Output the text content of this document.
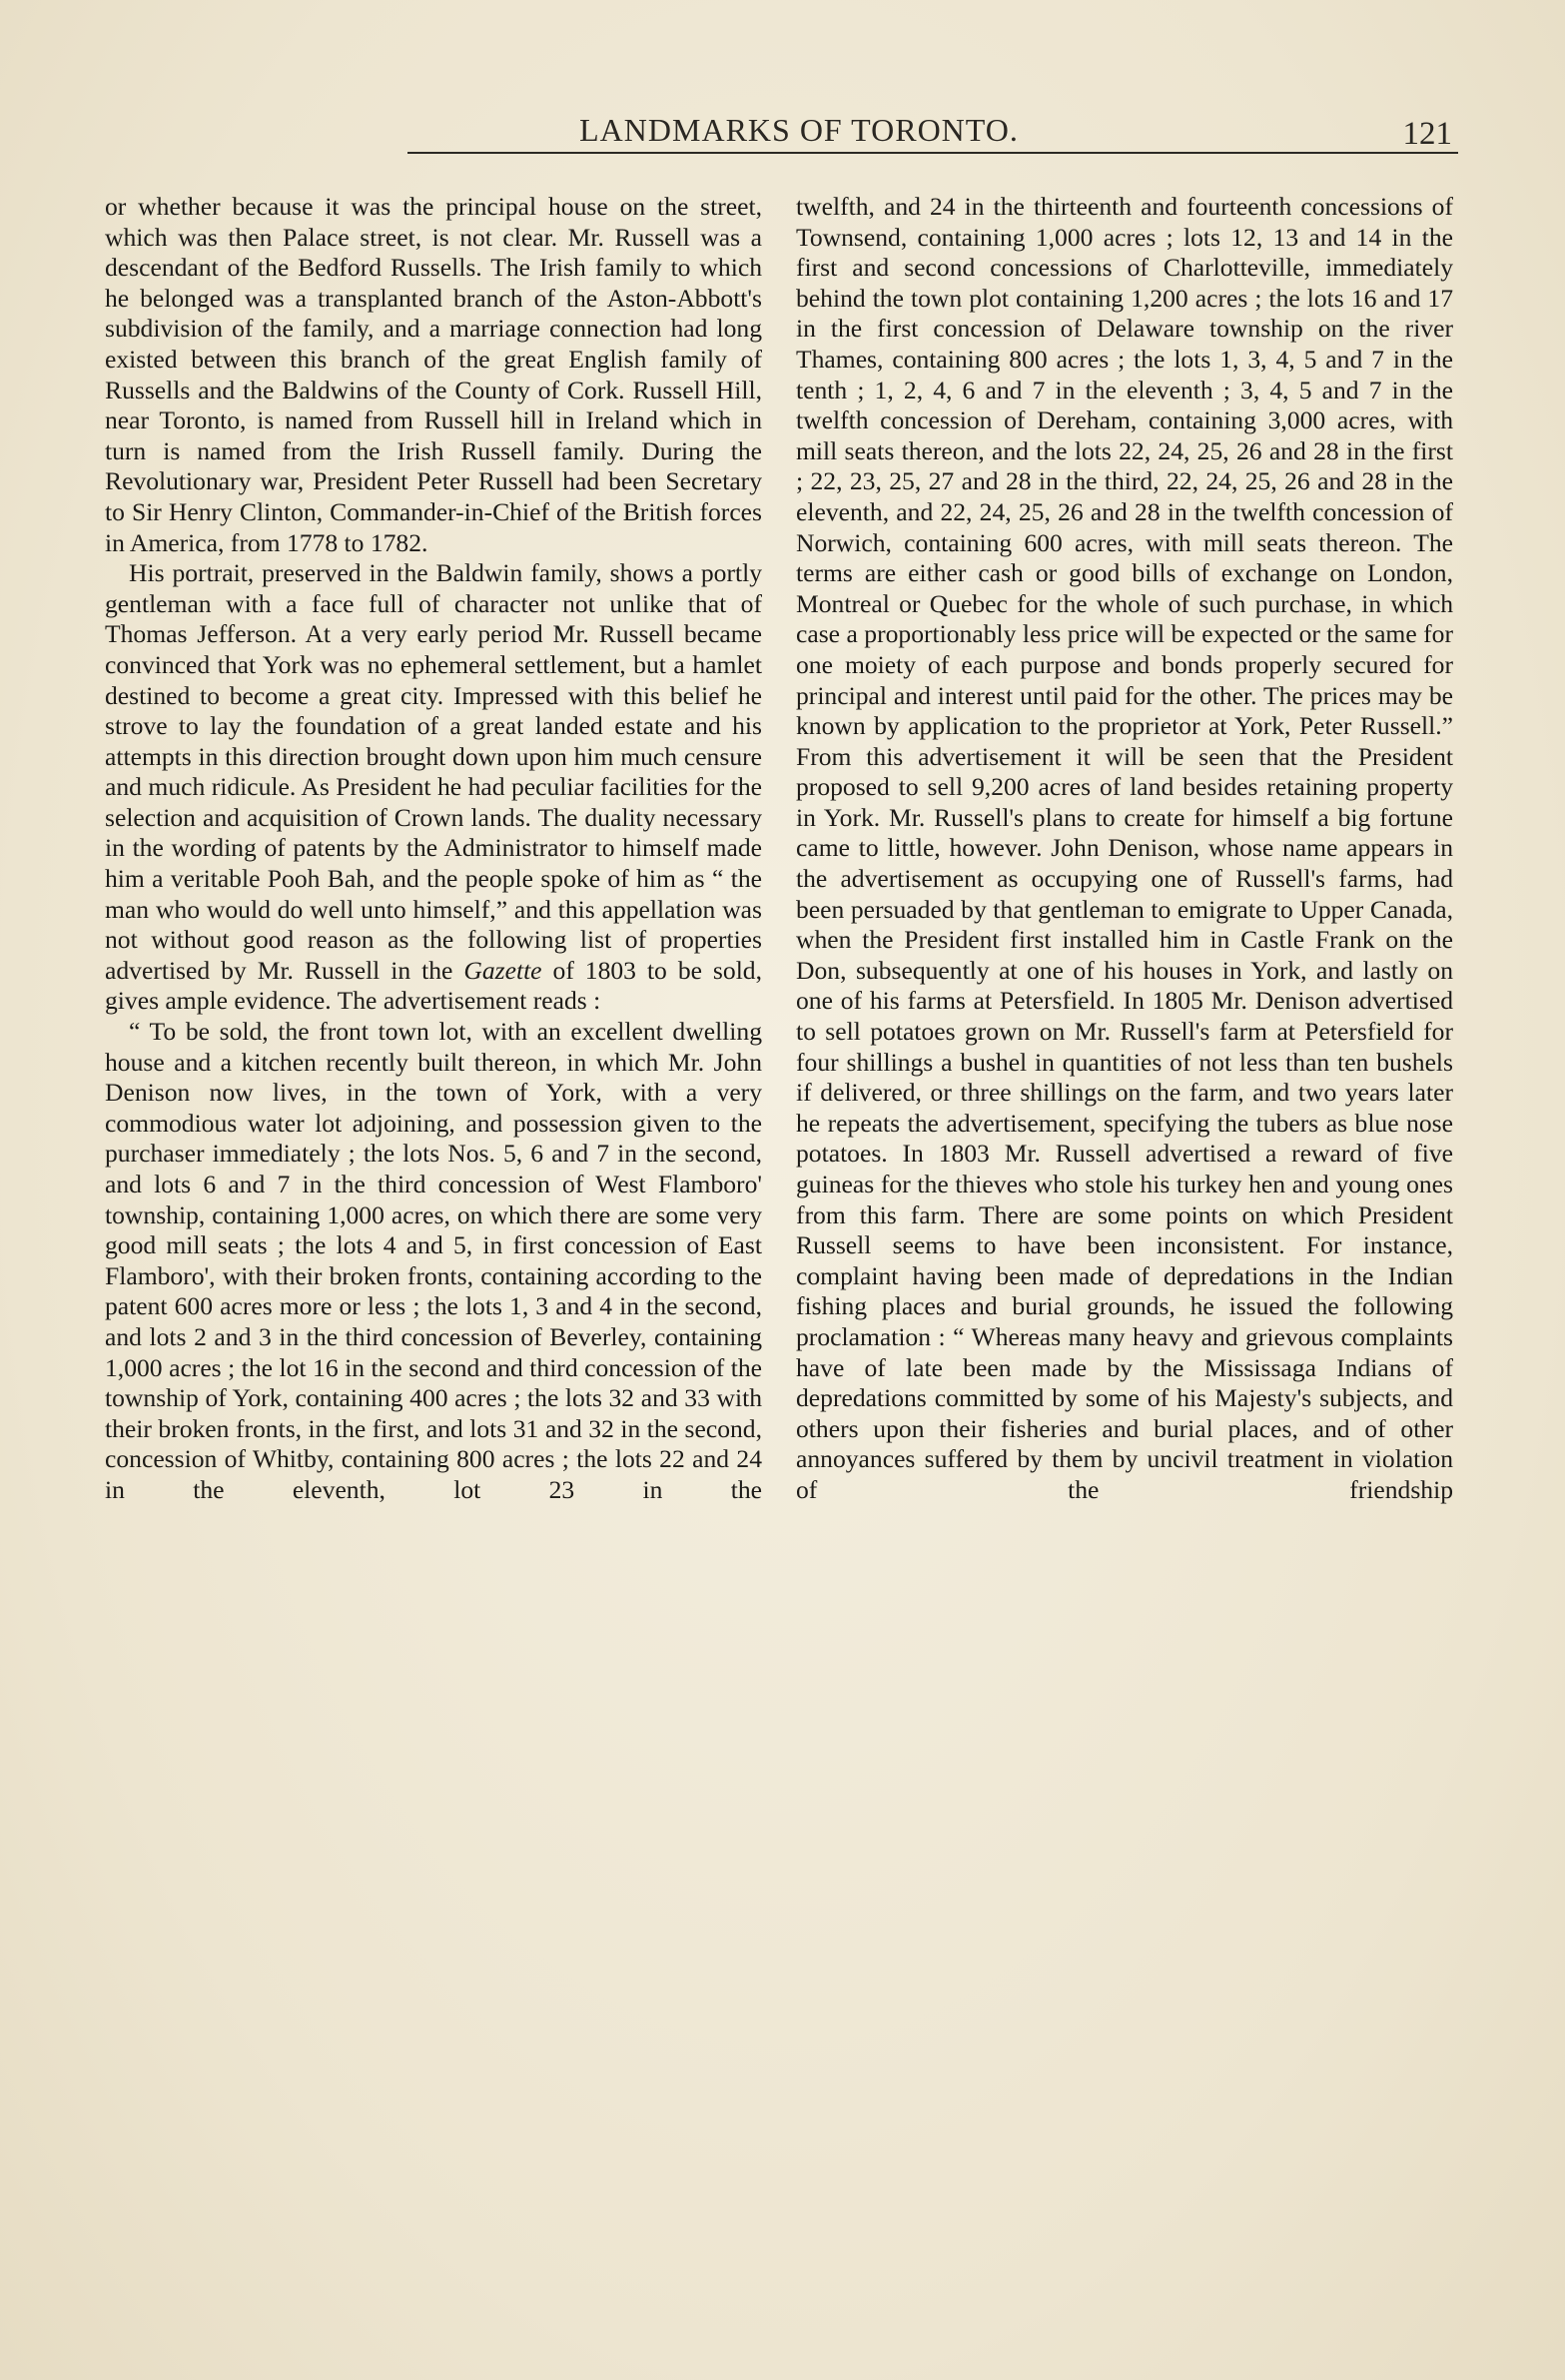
LANDMARKS OF TORONTO.	121

or whether because it was the principal house on the street, which was then Palace street, is not clear. Mr. Russell was a descendant of the Bedford Russells. The Irish family to which he belonged was a transplanted branch of the Aston-Abbott's subdivision of the family, and a marriage connection had long existed between this branch of the great English family of Russells and the Baldwins of the County of Cork. Russell Hill, near Toronto, is named from Russell hill in Ireland which in turn is named from the Irish Russell family. During the Revolutionary war, President Peter Russell had been Secretary to Sir Henry Clinton, Commander-in-Chief of the British forces in America, from 1778 to 1782.

His portrait, preserved in the Baldwin family, shows a portly gentleman with a face full of character not unlike that of Thomas Jefferson. At a very early period Mr. Russell became convinced that York was no ephemeral settlement, but a hamlet destined to become a great city. Impressed with this belief he strove to lay the foundation of a great landed estate and his attempts in this direction brought down upon him much censure and much ridicule. As President he had peculiar facilities for the selection and acquisition of Crown lands. The duality necessary in the wording of patents by the Administrator to himself made him a veritable Pooh Bah, and the people spoke of him as “ the man who would do well unto himself,” and this appellation was not without good reason as the following list of properties advertised by Mr. Russell in the Gazette of 1803 to be sold, gives ample evidence. The advertisement reads :

“ To be sold, the front town lot, with an excellent dwelling house and a kitchen recently built thereon, in which Mr. John Denison now lives, in the town of York, with a very commodious water lot adjoining, and possession given to the purchaser immediately ; the lots Nos. 5, 6 and 7 in the second, and lots 6 and 7 in the third concession of West Flamboro' township, containing 1,000 acres, on which there are some very good mill seats ; the lots 4 and 5, in first concession of East Flamboro', with their broken fronts, containing according to the patent 600 acres more or less ; the lots 1, 3 and 4 in the second, and lots 2 and 3 in the third concession of Beverley, containing 1,000 acres ; the lot 16 in the second and third concession of the township of York, containing 400 acres ; the lots 32 and 33 with their broken fronts, in the first, and lots 31 and 32 in the second, concession of Whitby, containing 800 acres ; the lots 22 and 24 in the eleventh, lot 23 in the

twelfth, and 24 in the thirteenth and fourteenth concessions of Townsend, containing 1,000 acres ; lots 12, 13 and 14 in the first and second concessions of Charlotteville, immediately behind the town plot containing 1,200 acres ; the lots 16 and 17 in the first concession of Delaware township on the river Thames, containing 800 acres ; the lots 1, 3, 4, 5 and 7 in the tenth ; 1, 2, 4, 6 and 7 in the eleventh ; 3, 4, 5 and 7 in the twelfth concession of Dereham, containing 3,000 acres, with mill seats thereon, and the lots 22, 24, 25, 26 and 28 in the first ; 22, 23, 25, 27 and 28 in the third, 22, 24, 25, 26 and 28 in the eleventh, and 22, 24, 25, 26 and 28 in the twelfth concession of Norwich, containing 600 acres, with mill seats thereon. The terms are either cash or good bills of exchange on London, Montreal or Quebec for the whole of such purchase, in which case a proportionably less price will be expected or the same for one moiety of each purpose and bonds properly secured for principal and interest until paid for the other. The prices may be known by application to the proprietor at York, Peter Russell.” From this advertisement it will be seen that the President proposed to sell 9,200 acres of land besides retaining property in York. Mr. Russell's plans to create for himself a big fortune came to little, however. John Denison, whose name appears in the advertisement as occupying one of Russell's farms, had been persuaded by that gentleman to emigrate to Upper Canada, when the President first installed him in Castle Frank on the Don, subsequently at one of his houses in York, and lastly on one of his farms at Petersfield. In 1805 Mr. Denison advertised to sell potatoes grown on Mr. Russell's farm at Petersfield for four shillings a bushel in quantities of not less than ten bushels if delivered, or three shillings on the farm, and two years later he repeats the advertisement, specifying the tubers as blue nose potatoes. In 1803 Mr. Russell advertised a reward of five guineas for the thieves who stole his turkey hen and young ones from this farm. There are some points on which President Russell seems to have been inconsistent. For instance, complaint having been made of depredations in the Indian fishing places and burial grounds, he issued the following proclamation : “ Whereas many heavy and grievous complaints have of late been made by the Mississaga Indians of depredations committed by some of his Majesty's subjects, and others upon their fisheries and burial places, and of other annoyances suffered by them by uncivil treatment in violation of the friendship
